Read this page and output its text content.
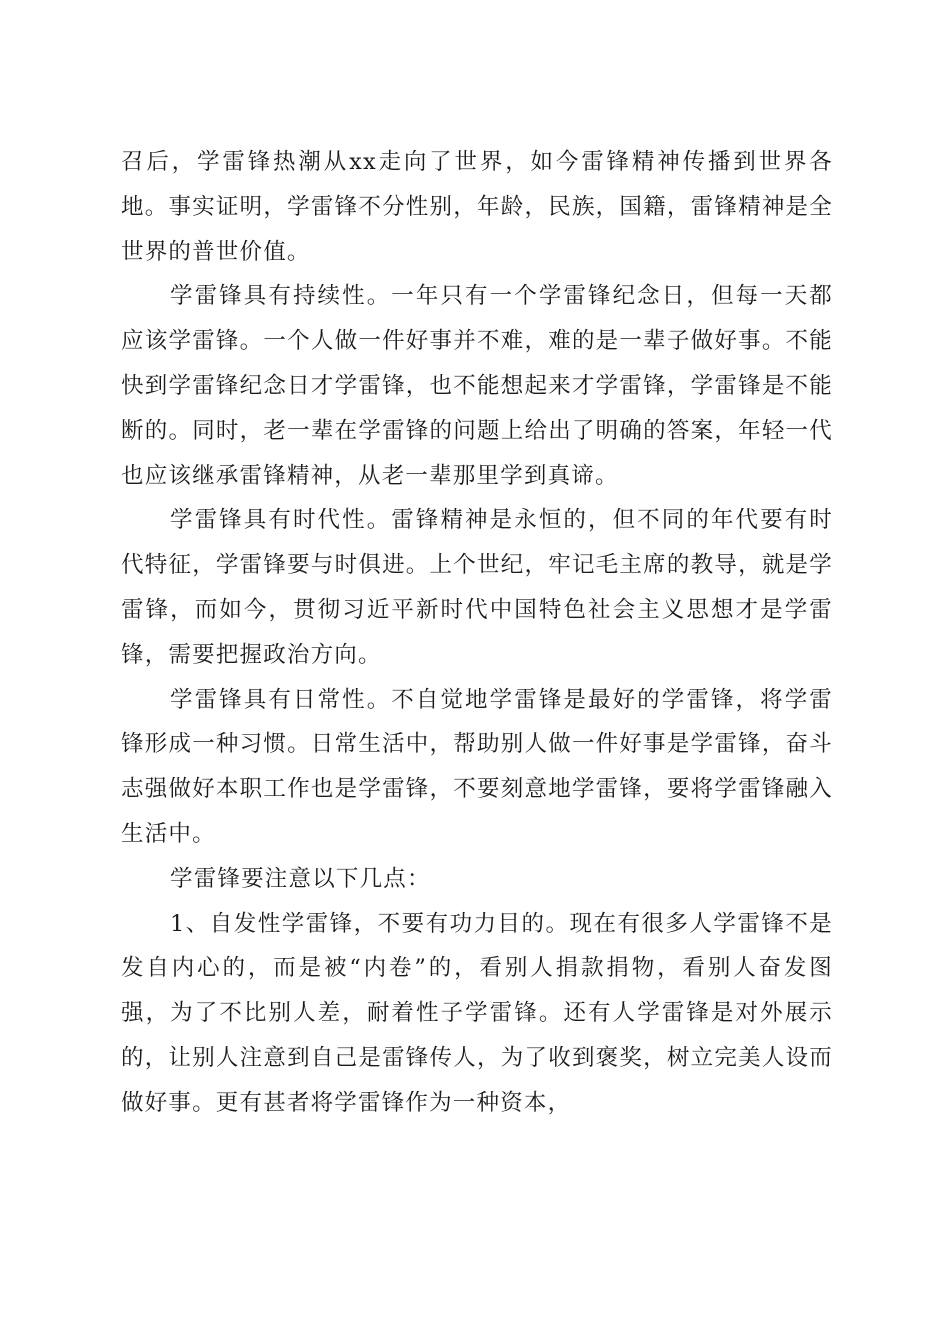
召后，学雷锋热潮从xx走向了世界，如今雷锋精神传播到世界各地。事实证明，学雷锋不分性别，年龄，民族，国籍，雷锋精神是全世界的普世价值。

学雷锋具有持续性。一年只有一个学雷锋纪念日，但每一天都应该学雷锋。一个人做一件好事并不难，难的是一辈子做好事。不能快到学雷锋纪念日才学雷锋，也不能想起来才学雷锋，学雷锋是不能断的。同时，老一辈在学雷锋的问题上给出了明确的答案，年轻一代也应该继承雷锋精神，从老一辈那里学到真谛。

学雷锋具有时代性。雷锋精神是永恒的，但不同的年代要有时代特征，学雷锋要与时俱进。上个世纪，牢记毛主席的教导，就是学雷锋，而如今，贯彻习近平新时代中国特色社会主义思想才是学雷锋，需要把握政治方向。

学雷锋具有日常性。不自觉地学雷锋是最好的学雷锋，将学雷锋形成一种习惯。日常生活中，帮助别人做一件好事是学雷锋，奋斗志强做好本职工作也是学雷锋，不要刻意地学雷锋，要将学雷锋融入生活中。

学雷锋要注意以下几点：

1、自发性学雷锋，不要有功力目的。现在有很多人学雷锋不是发自内心的，而是被“内卷”的，看别人捐款捐物，看别人奋发图强，为了不比别人差，耐着性子学雷锋。还有人学雷锋是对外展示的，让别人注意到自己是雷锋传人，为了收到褒奖，树立完美人设而做好事。更有甚者将学雷锋作为一种资本，
